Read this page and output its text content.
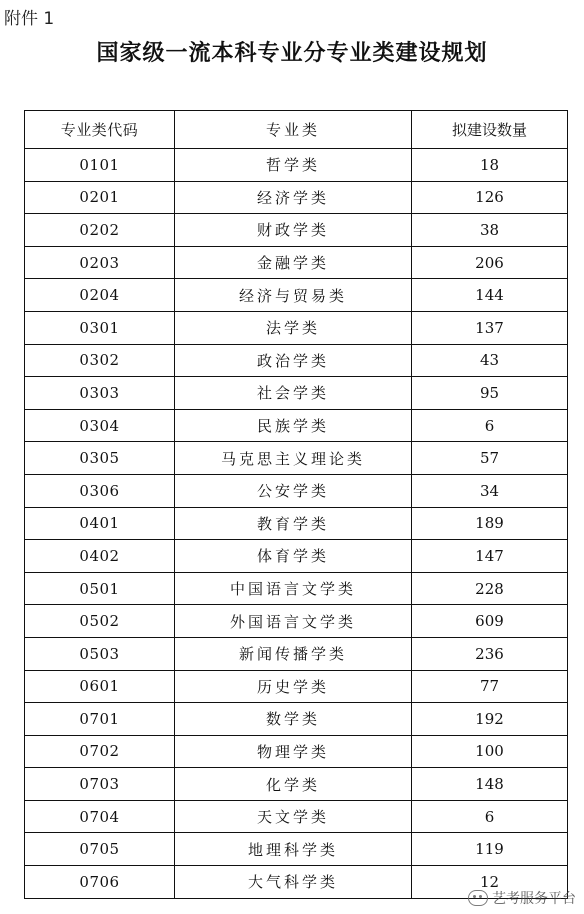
附件 1
国家级一流本科专业分专业类建设规划
专业类代码	专业类	拟建设数量
0101	哲学类	18
0201	经济学类	126
0202	财政学类	38
0203	金融学类	206
0204	经济与贸易类	144
0301	法学类	137
0302	政治学类	43
0303	社会学类	95
0304	民族学类	6
0305	马克思主义理论类	57
0306	公安学类	34
0401	教育学类	189
0402	体育学类	147
0501	中国语言文学类	228
0502	外国语言文学类	609
0503	新闻传播学类	236
0601	历史学类	77
0701	数学类	192
0702	物理学类	100
0703	化学类	148
0704	天文学类	6
0705	地理科学类	119
0706	大气科学类	12
艺考服务平台
